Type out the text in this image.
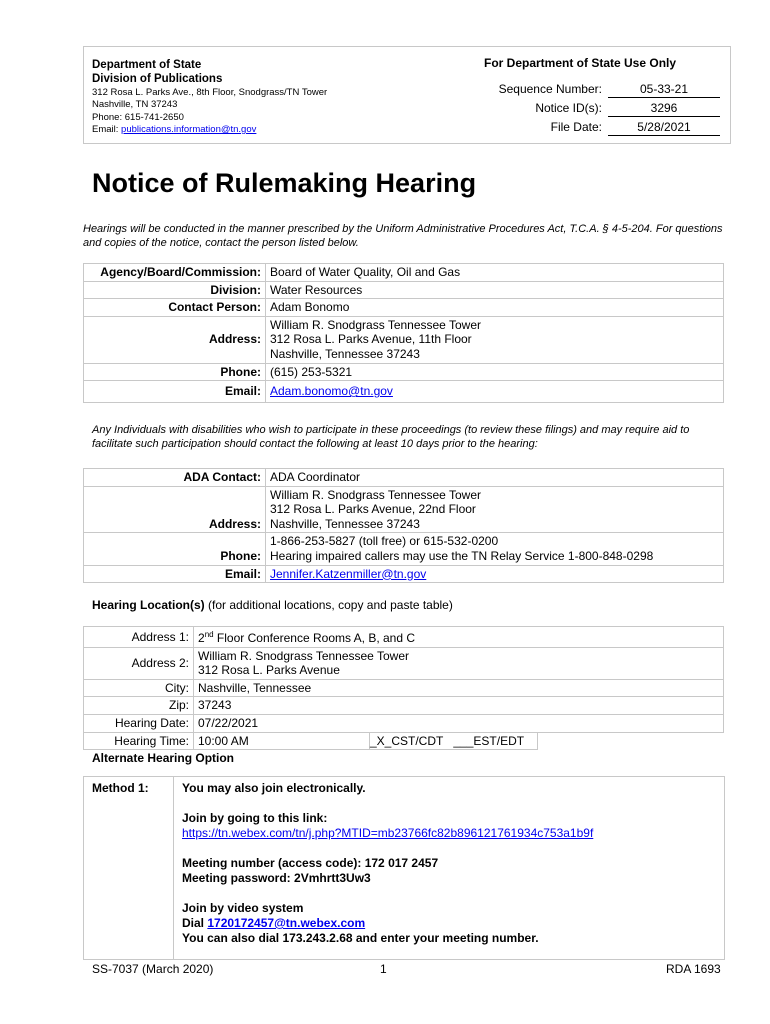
Department of State
Division of Publications
312 Rosa L. Parks Ave., 8th Floor, Snodgrass/TN Tower
Nashville, TN 37243
Phone: 615-741-2650
Email: publications.information@tn.gov
For Department of State Use Only
Sequence Number:	05-33-21
Notice ID(s):	3296
File Date:	5/28/2021
Notice of Rulemaking Hearing
Hearings will be conducted in the manner prescribed by the Uniform Administrative Procedures Act, T.C.A. § 4-5-204. For questions and copies of the notice, contact the person listed below.
Agency/Board/Commission:	Board of Water Quality, Oil and Gas
Division:	Water Resources
Contact Person:	Adam Bonomo
Address:	William R. Snodgrass Tennessee Tower
312 Rosa L. Parks Avenue, 11th Floor
Nashville, Tennessee 37243

Phone:	(615) 253-5321
Email:	Adam.bonomo@tn.gov
Any Individuals with disabilities who wish to participate in these proceedings (to review these filings) and may require aid to facilitate such participation should contact the following at least 10 days prior to the hearing:
ADA Contact:	ADA Coordinator
Address:	William R. Snodgrass Tennessee Tower
312 Rosa L. Parks Avenue, 22nd Floor
Nashville, Tennessee 37243

Phone:	1-866-253-5827 (toll free) or 615-532-0200
Hearing impaired callers may use the TN Relay Service 1-800-848-0298

Email:	Jennifer.Katzenmiller@tn.gov
Hearing Location(s) (for additional locations, copy and paste table)
Address 1:	2nd Floor Conference Rooms A, B, and C		
Address 2:	William R. Snodgrass Tennessee Tower
312 Rosa L. Parks Avenue		

City:	Nashville, Tennessee		
Zip:	37243		
Hearing Date:	07/22/2021		
Hearing Time:	10:00 AM	_X_CST/CDT ___EST/EDT	
Alternate Hearing Option
Method 1:	You may also join electronically.
Join by going to this link:
https://tn.webex.com/tn/j.php?MTID=mb23766fc82b896121761934c753a1b9f
Meeting number (access code): 172 017 2457
Meeting password: 2Vmhrtt3Uw3
Join by video system
Dial 1720172457@tn.webex.com
You can also dial 173.243.2.68 and enter your meeting number.
SS-7037 (March 2020)	1	RDA 1693
